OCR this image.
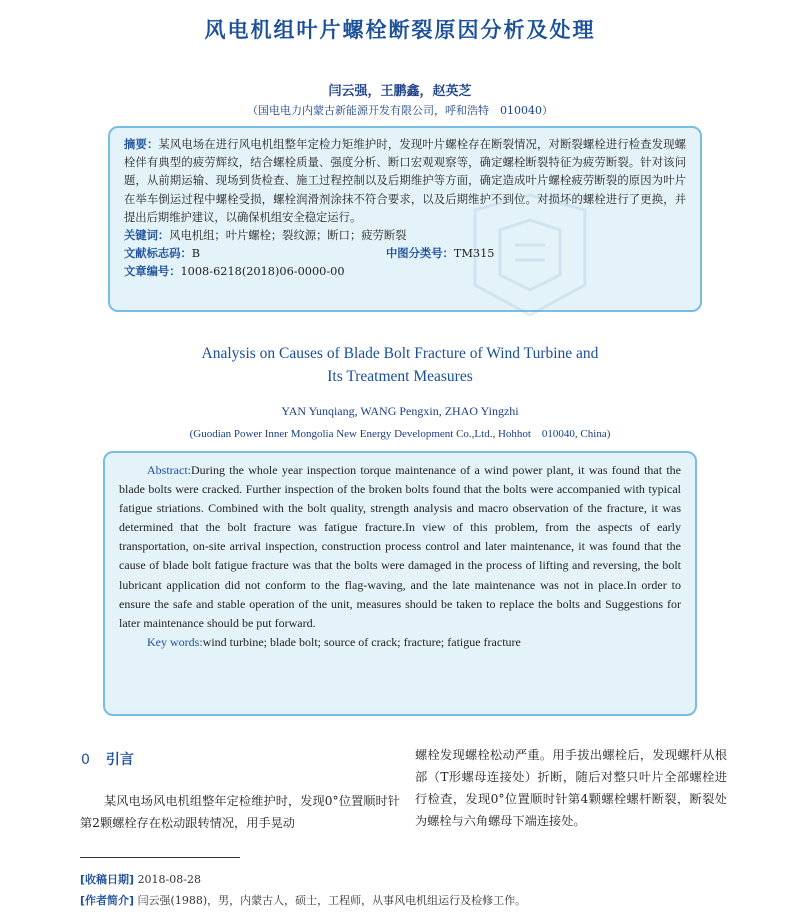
风电机组叶片螺栓断裂原因分析及处理
闫云强，王鹏鑫，赵英芝
（国电电力内蒙古新能源开发有限公司，呼和浩特　010040）

摘要：某风电场在进行风电机组整年定检力矩维护时，发现叶片螺栓存在断裂情况，对断裂螺栓进行检查发现螺栓伴有典型的疲劳辉纹，结合螺栓质量、强度分析、断口宏观观察等，确定螺栓断裂特征为疲劳断裂。针对该问题，从前期运输、现场到货检查、施工过程控制以及后期维护等方面，确定造成叶片螺栓疲劳断裂的原因为叶片在举车倒运过程中螺栓受损，螺栓润滑剂涂抹不符合要求，以及后期维护不到位。对损坏的螺栓进行了更换，并提出后期维护建议，以确保机组安全稳定运行。

关键词：风电机组；叶片螺栓；裂纹源；断口；疲劳断裂
文献标志码：B	中图分类号：TM315
文章编号：1008-6218(2018)06-0000-00
Analysis on Causes of Blade Bolt Fracture of Wind Turbine and
Its Treatment Measures
YAN Yunqiang, WANG Pengxin, ZHAO Yingzhi
(Guodian Power Inner Mongolia New Energy Development Co.,Ltd., Hohhot　010040, China)

Abstract:During the whole year inspection torque maintenance of a wind power plant, it was found that the blade bolts were cracked. Further inspection of the broken bolts found that the bolts were accompanied with typical fatigue striations. Combined with the bolt quality, strength analysis and macro observation of the fracture, it was determined that the bolt fracture was fatigue fracture.In view of this problem, from the aspects of early transportation, on-site arrival inspection, construction process control and later maintenance, it was found that the cause of blade bolt fatigue fracture was that the bolts were damaged in the process of lifting and reversing, the bolt lubricant application did not conform to the flag-waving, and the late maintenance was not in place.In order to ensure the safe and stable operation of the unit, measures should be taken to replace the bolts and Suggestions for later maintenance should be put forward.

Key words:wind turbine; blade bolt; source of crack; fracture; fatigue fracture
0 引言

某风电场风电机组整年定检维护时，发现0°位置顺时针第2颗螺栓存在松动跟转情况，用手晃动

螺栓发现螺栓松动严重。用手拔出螺栓后，发现螺杆从根部（T形螺母连接处）折断，随后对整只叶片全部螺栓进行检查，发现0°位置顺时针第4颗螺栓螺杆断裂，断裂处为螺栓与六角螺母下端连接处。

[收稿日期] 2018-08-28
[作者简介] 闫云强(1988)，男，内蒙古人，硕士，工程师，从事风电机组运行及检修工作。
